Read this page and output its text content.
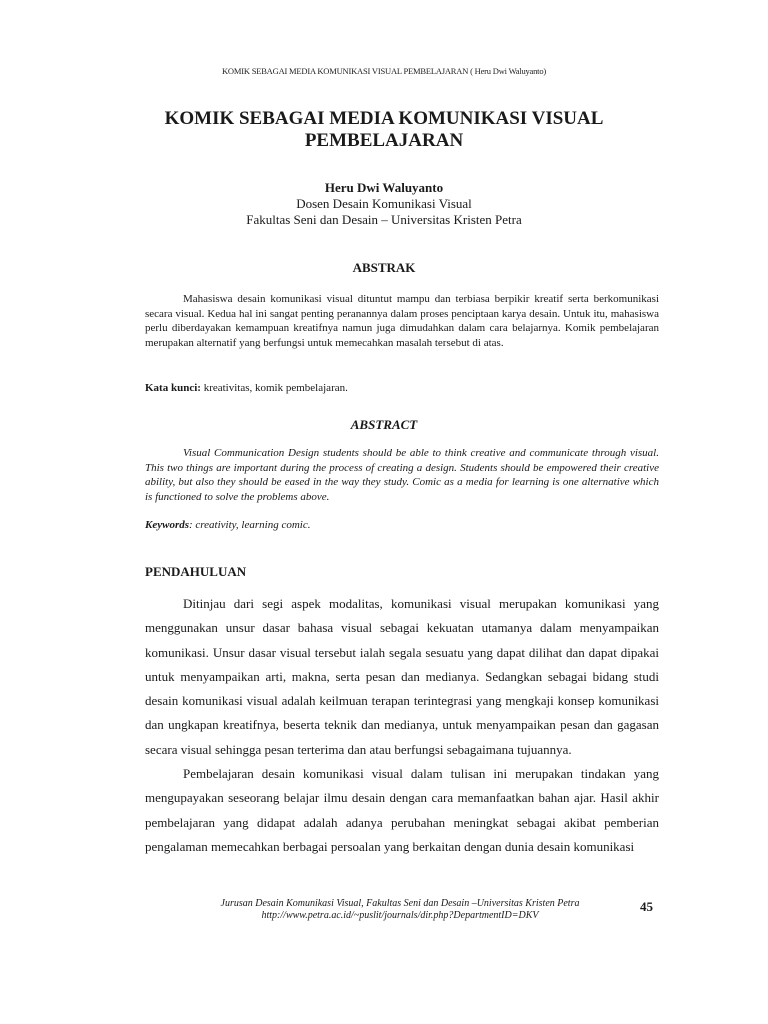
KOMIK SEBAGAI MEDIA KOMUNIKASI VISUAL PEMBELAJARAN ( Heru Dwi Waluyanto)
KOMIK SEBAGAI MEDIA KOMUNIKASI VISUAL
PEMBELAJARAN
Heru Dwi Waluyanto
Dosen Desain Komunikasi Visual
Fakultas Seni dan Desain – Universitas Kristen Petra
ABSTRAK

Mahasiswa desain komunikasi visual dituntut mampu dan terbiasa berpikir kreatif serta berkomunikasi secara visual. Kedua hal ini sangat penting peranannya dalam proses penciptaan karya desain. Untuk itu, mahasiswa perlu diberdayakan kemampuan kreatifnya namun juga dimudahkan dalam cara belajarnya. Komik pembelajaran merupakan alternatif yang berfungsi untuk memecahkan masalah tersebut di atas.

Kata kunci: kreativitas, komik pembelajaran.

ABSTRACT

Visual Communication Design students should be able to think creative and communicate through visual. This two things are important during the process of creating a design. Students should be empowered their creative ability, but also they should be eased in the way they study. Comic as a media for learning is one alternative which is functioned to solve the problems above.

Keywords: creativity, learning comic.

PENDAHULUAN

Ditinjau dari segi aspek modalitas, komunikasi visual merupakan komunikasi yang menggunakan unsur dasar bahasa visual sebagai kekuatan utamanya dalam menyampaikan komunikasi. Unsur dasar visual tersebut ialah segala sesuatu yang dapat dilihat dan dapat dipakai untuk menyampaikan arti, makna, serta pesan dan medianya. Sedangkan sebagai bidang studi desain komunikasi visual adalah keilmuan terapan terintegrasi yang mengkaji konsep komunikasi dan ungkapan kreatifnya, beserta teknik dan medianya, untuk menyampaikan pesan dan gagasan secara visual sehingga pesan terterima dan atau berfungsi sebagaimana tujuannya.

Pembelajaran desain komunikasi visual dalam tulisan ini merupakan tindakan yang mengupayakan seseorang belajar ilmu desain dengan cara memanfaatkan bahan ajar. Hasil akhir pembelajaran yang didapat adalah adanya perubahan meningkat sebagai akibat pemberian pengalaman memecahkan berbagai persoalan yang berkaitan dengan dunia desain komunikasi

Jurusan Desain Komunikasi Visual, Fakultas Seni dan Desain –Universitas Kristen Petra
http://www.petra.ac.id/~puslit/journals/dir.php?DepartmentID=DKV
45
